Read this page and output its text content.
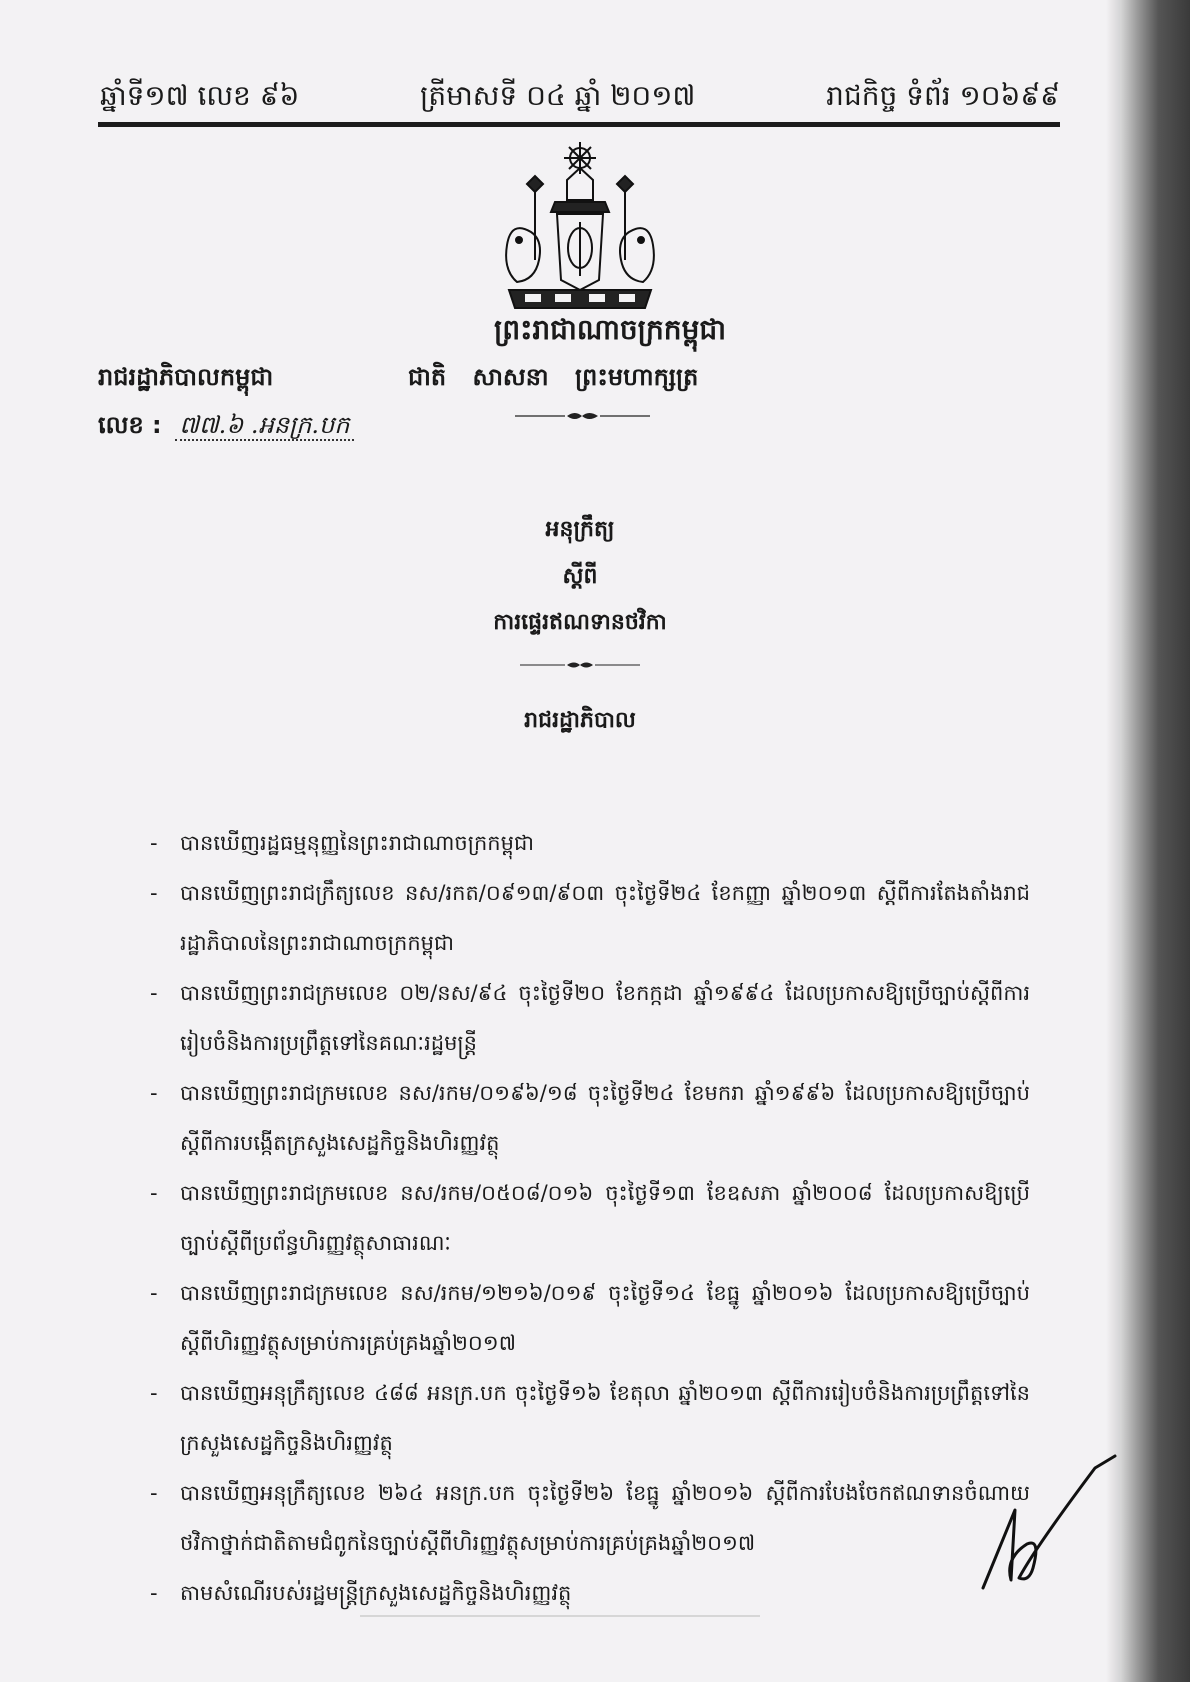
ឆ្នាំទី១៧ លេខ ៩៦	ត្រីមាសទី ០៤ ឆ្នាំ ២០១៧	រាជកិច្ច ទំព័រ ១០៦៩៩
ព្រះរាជាណាចក្រកម្ពុជា
រាជរដ្ឋាភិបាលកម្ពុជា	ជាតិ សាសនា ព្រះមហាក្សត្រ
លេខ : ៧៧.៦ .អនក្រ.បក
អនុក្រឹត្យ
ស្តីពី
ការផ្ទេរឥណទានថវិកា
រាជរដ្ឋាភិបាល
- បានឃើញរដ្ឋធម្មនុញ្ញនៃព្រះរាជាណាចក្រកម្ពុជា
- បានឃើញព្រះរាជក្រឹត្យលេខ នស/រកត/០៩១៣/៩០៣ ចុះថ្ងៃទី២៤ ខែកញ្ញា ឆ្នាំ២០១៣ ស្តីពីការតែងតាំងរាជរដ្ឋាភិបាលនៃព្រះរាជាណាចក្រកម្ពុជា
- បានឃើញព្រះរាជក្រមលេខ ០២/នស/៩៤ ចុះថ្ងៃទី២០ ខែកក្កដា ឆ្នាំ១៩៩៤ ដែលប្រកាសឱ្យប្រើច្បាប់ស្តីពីការរៀបចំនិងការប្រព្រឹត្តទៅនៃគណៈរដ្ឋមន្ត្រី
- បានឃើញព្រះរាជក្រមលេខ នស/រកម/០១៩៦/១៨ ចុះថ្ងៃទី២៤ ខែមករា ឆ្នាំ១៩៩៦ ដែលប្រកាសឱ្យប្រើច្បាប់ស្តីពីការបង្កើតក្រសួងសេដ្ឋកិច្ចនិងហិរញ្ញវត្ថុ
- បានឃើញព្រះរាជក្រមលេខ នស/រកម/០៥០៨/០១៦ ចុះថ្ងៃទី១៣ ខែឧសភា ឆ្នាំ២០០៨ ដែលប្រកាសឱ្យប្រើច្បាប់ស្តីពីប្រព័ន្ធហិរញ្ញវត្ថុសាធារណៈ
- បានឃើញព្រះរាជក្រមលេខ នស/រកម/១២១៦/០១៩ ចុះថ្ងៃទី១៤ ខែធ្នូ ឆ្នាំ២០១៦ ដែលប្រកាសឱ្យប្រើច្បាប់ស្តីពីហិរញ្ញវត្ថុសម្រាប់ការគ្រប់គ្រងឆ្នាំ២០១៧
- បានឃើញអនុក្រឹត្យលេខ ៤៨៨ អនក្រ.បក ចុះថ្ងៃទី១៦ ខែតុលា ឆ្នាំ២០១៣ ស្តីពីការរៀបចំនិងការប្រព្រឹត្តទៅនៃក្រសួងសេដ្ឋកិច្ចនិងហិរញ្ញវត្ថុ
- បានឃើញអនុក្រឹត្យលេខ ២៦៤ អនក្រ.បក ចុះថ្ងៃទី២៦ ខែធ្នូ ឆ្នាំ២០១៦ ស្តីពីការបែងចែកឥណទានចំណាយថវិកាថ្នាក់ជាតិតាមជំពូកនៃច្បាប់ស្តីពីហិរញ្ញវត្ថុសម្រាប់ការគ្រប់គ្រងឆ្នាំ២០១៧
- តាមសំណើរបស់រដ្ឋមន្ត្រីក្រសួងសេដ្ឋកិច្ចនិងហិរញ្ញវត្ថុ
